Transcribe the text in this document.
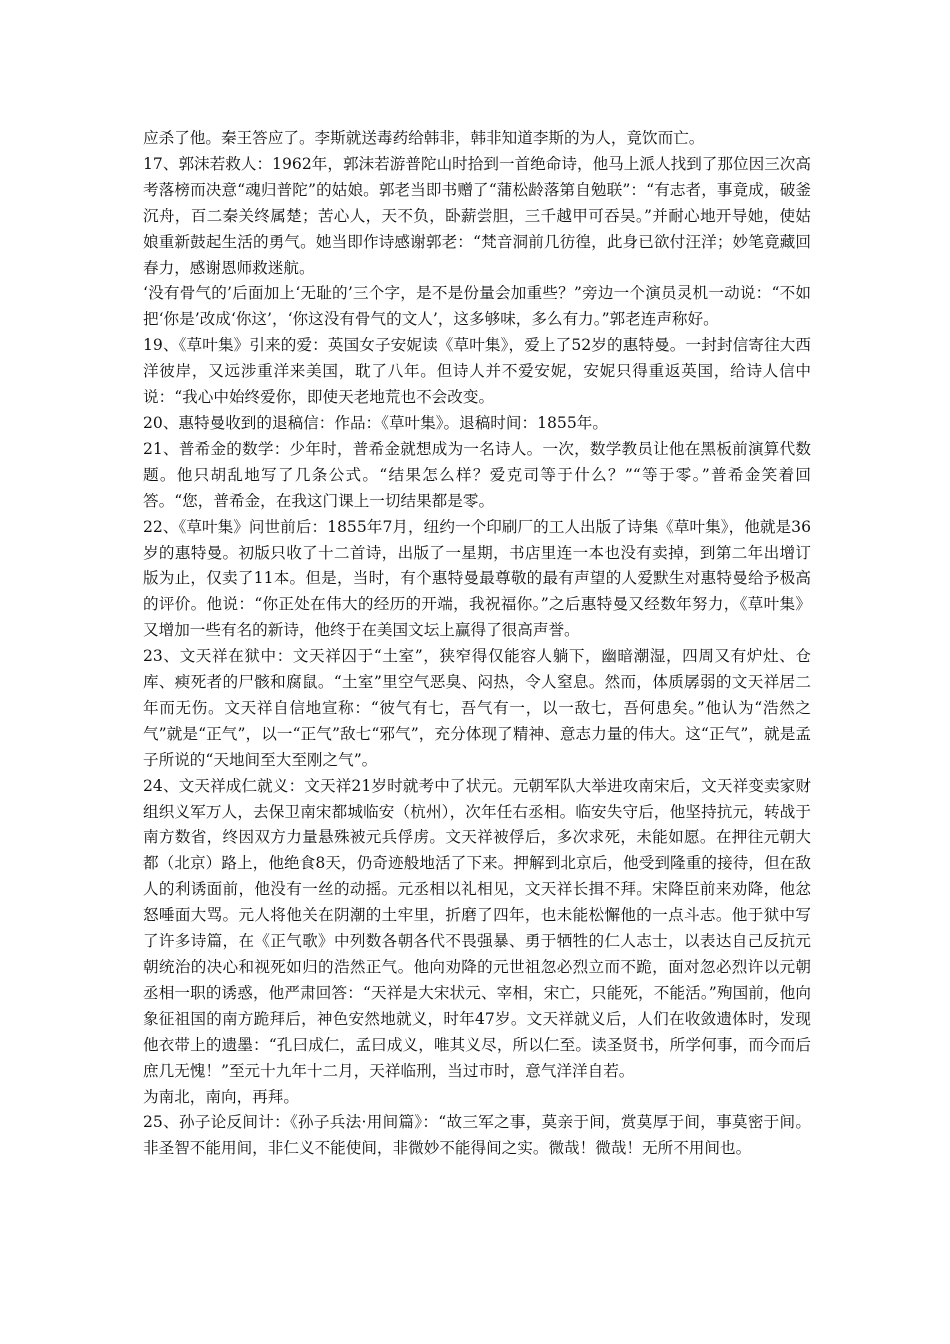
应杀了他。秦王答应了。李斯就送毒药给韩非，韩非知道李斯的为人，竟饮而亡。

17、郭沫若救人：1962年，郭沫若游普陀山时拾到一首绝命诗，他马上派人找到了那位因三次高考落榜而决意“魂归普陀”的姑娘。郭老当即书赠了“蒲松龄落第自勉联”：“有志者，事竟成，破釜沉舟，百二秦关终属楚；苦心人，天不负，卧薪尝胆，三千越甲可吞吴。”并耐心地开导她，使姑娘重新鼓起生活的勇气。她当即作诗感谢郭老：“梵音洞前几彷徨，此身已欲付汪洋；妙笔竟藏回春力，感谢恩师救迷航。

‘没有骨气的’后面加上‘无耻的’三个字，是不是份量会加重些？”旁边一个演员灵机一动说：“不如把‘你是’改成‘你这’，‘你这没有骨气的文人’，这多够味，多么有力。”郭老连声称好。

19、《草叶集》引来的爱：英国女子安妮读《草叶集》，爱上了52岁的惠特曼。一封封信寄往大西洋彼岸，又远涉重洋来美国，耽了八年。但诗人并不爱安妮，安妮只得重返英国，给诗人信中说：“我心中始终爱你，即使天老地荒也不会改变。

20、惠特曼收到的退稿信：作品：《草叶集》。退稿时间：1855年。

21、普希金的数学：少年时，普希金就想成为一名诗人。一次，数学教员让他在黑板前演算代数题。他只胡乱地写了几条公式。“结果怎么样？爱克司等于什么？”“等于零。”普希金笑着回答。“您，普希金，在我这门课上一切结果都是零。

22、《草叶集》问世前后：1855年7月，纽约一个印刷厂的工人出版了诗集《草叶集》，他就是36岁的惠特曼。初版只收了十二首诗，出版了一星期，书店里连一本也没有卖掉，到第二年出增订版为止，仅卖了11本。但是，当时，有个惠特曼最尊敬的最有声望的人爱默生对惠特曼给予极高的评价。他说：“你正处在伟大的经历的开端，我祝福你。”之后惠特曼又经数年努力，《草叶集》又增加一些有名的新诗，他终于在美国文坛上赢得了很高声誉。

23、文天祥在狱中：文天祥囚于“土室”，狭窄得仅能容人躺下，幽暗潮湿，四周又有炉灶、仓库、瘐死者的尸骸和腐鼠。“土室”里空气恶臭、闷热，令人窒息。然而，体质孱弱的文天祥居二年而无伤。文天祥自信地宣称：“彼气有七，吾气有一，以一敌七，吾何患矣。”他认为“浩然之气”就是“正气”，以一“正气”敌七“邪气”，充分体现了精神、意志力量的伟大。这“正气”，就是孟子所说的“天地间至大至刚之气”。

24、文天祥成仁就义：文天祥21岁时就考中了状元。元朝军队大举进攻南宋后，文天祥变卖家财组织义军万人，去保卫南宋都城临安（杭州），次年任右丞相。临安失守后，他坚持抗元，转战于南方数省，终因双方力量悬殊被元兵俘虏。文天祥被俘后，多次求死，未能如愿。在押往元朝大都（北京）路上，他绝食8天，仍奇迹般地活了下来。押解到北京后，他受到隆重的接待，但在敌人的利诱面前，他没有一丝的动摇。元丞相以礼相见，文天祥长揖不拜。宋降臣前来劝降，他忿怒唾面大骂。元人将他关在阴潮的土牢里，折磨了四年，也未能松懈他的一点斗志。他于狱中写了许多诗篇，在《正气歌》中列数各朝各代不畏强暴、勇于牺牲的仁人志士，以表达自己反抗元朝统治的决心和视死如归的浩然正气。他向劝降的元世祖忽必烈立而不跪，面对忽必烈许以元朝丞相一职的诱惑，他严肃回答：“天祥是大宋状元、宰相，宋亡，只能死，不能活。”殉国前，他向象征祖国的南方跪拜后，神色安然地就义，时年47岁。文天祥就义后，人们在收敛遗体时，发现他衣带上的遗墨：“孔曰成仁，孟曰成义，唯其义尽，所以仁至。读圣贤书，所学何事，而今而后庶几无愧！”至元十九年十二月，天祥临刑，当过市时，意气洋洋自若。

为南北，南向，再拜。

25、孙子论反间计：《孙子兵法·用间篇》：“故三军之事，莫亲于间，赏莫厚于间，事莫密于间。非圣智不能用间，非仁义不能使间，非微妙不能得间之实。微哉！微哉！无所不用间也。
